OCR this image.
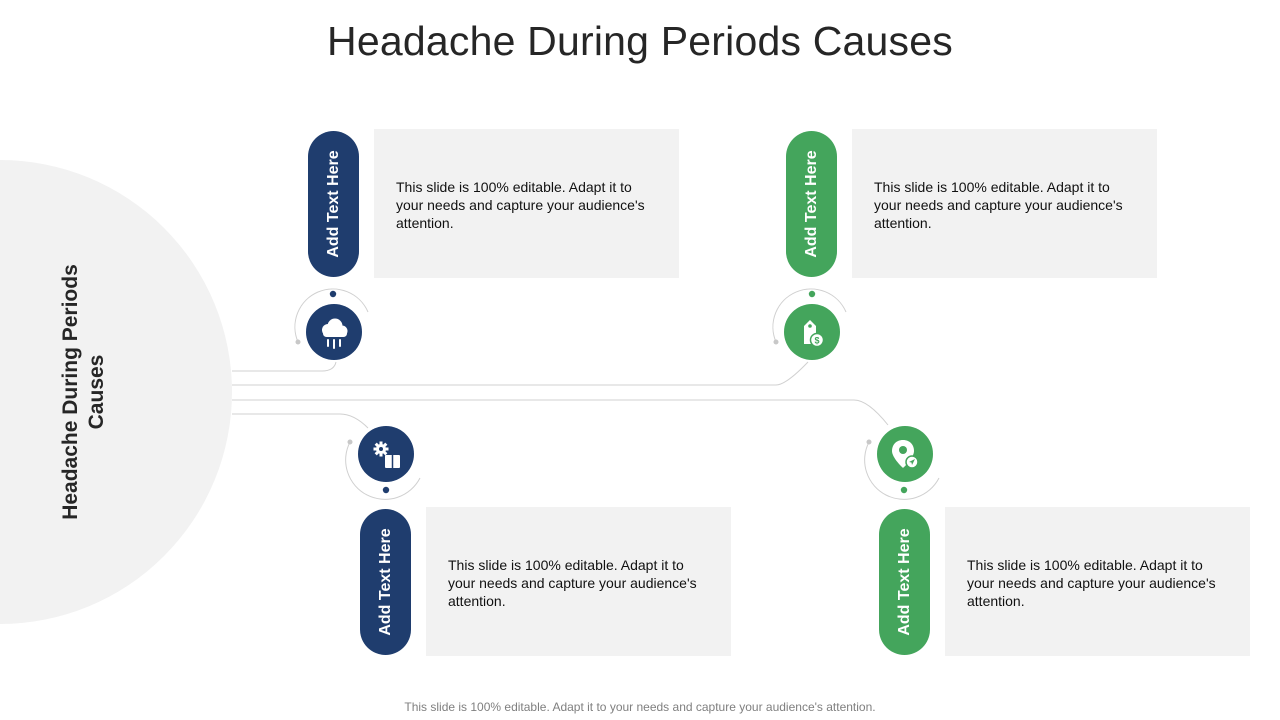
Headache During Periods Causes
Headache During Periods Causes
Add Text Here	This slide is 100% editable. Adapt it to your needs and capture your audience's attention.	Add Text Here	This slide is 100% editable. Adapt it to your needs and capture your audience's attention.

$
Add Text Here	This slide is 100% editable. Adapt it to your needs and capture your audience's attention.	Add Text Here	This slide is 100% editable. Adapt it to your needs and capture your audience's attention.

This slide is 100% editable. Adapt it to your needs and capture your audience's attention.
